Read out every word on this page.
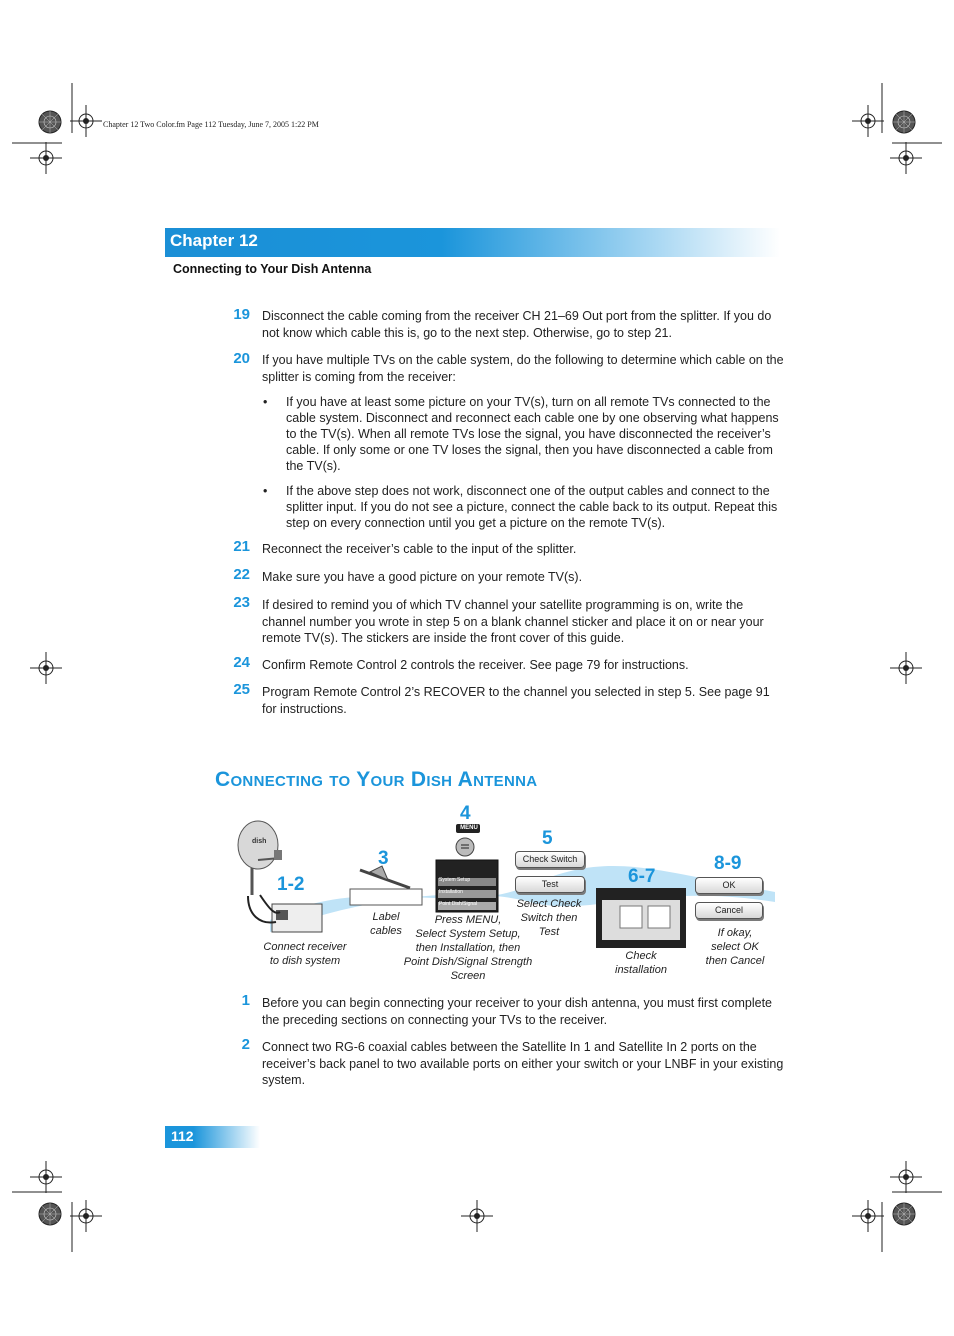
Chapter 12 Two Color.fm Page 112 Tuesday, June 7, 2005 1:22 PM
Chapter 12
Connecting to Your Dish Antenna
19 Disconnect the cable coming from the receiver CH 21–69 Out port from the splitter. If you do not know which cable this is, go to the next step. Otherwise, go to step 21.
20 If you have multiple TVs on the cable system, do the following to determine which cable on the splitter is coming from the receiver:
• If you have at least some picture on your TV(s), turn on all remote TVs connected to the cable system. Disconnect and reconnect each cable one by one observing what happens to the TV(s). When all remote TVs lose the signal, you have disconnected the receiver’s cable. If only some or one TV loses the signal, then you have disconnected a cable from the TV(s).
• If the above step does not work, disconnect one of the output cables and connect to the splitter input. If you do not see a picture, connect the cable back to its output. Repeat this step on every connection until you get a picture on the remote TV(s).
21 Reconnect the receiver’s cable to the input of the splitter.
22 Make sure you have a good picture on your remote TV(s).
23 If desired to remind you of which TV channel your satellite programming is on, write the channel number you wrote in step 5 on a blank channel sticker and place it on or near your remote TV(s). The stickers are inside the front cover of this guide.
24 Confirm Remote Control 2 controls the receiver. See page 79 for instructions.
25 Program Remote Control 2’s RECOVER to the channel you selected in step 5. See page 91 for instructions.
Connecting to Your Dish Antenna
1-2
3
4
5
6-7
8-9
MENU
dish
System Setup
Installation
Point Dish/Signal
Check Switch
Test	OK
Cancel
Connect receiver
to dish system
Label
cables
Press MENU,
Select System Setup,
then Installation, then
Point Dish/Signal Strength
Screen
Select Check
Switch then
Test
Check
installation
If okay,
select OK
then Cancel
1 Before you can begin connecting your receiver to your dish antenna, you must first complete the preceding sections on connecting your TVs to the receiver.
2 Connect two RG-6 coaxial cables between the Satellite In 1 and Satellite In 2 ports on the receiver’s back panel to two available ports on either your switch or your LNBF in your existing system.
112
